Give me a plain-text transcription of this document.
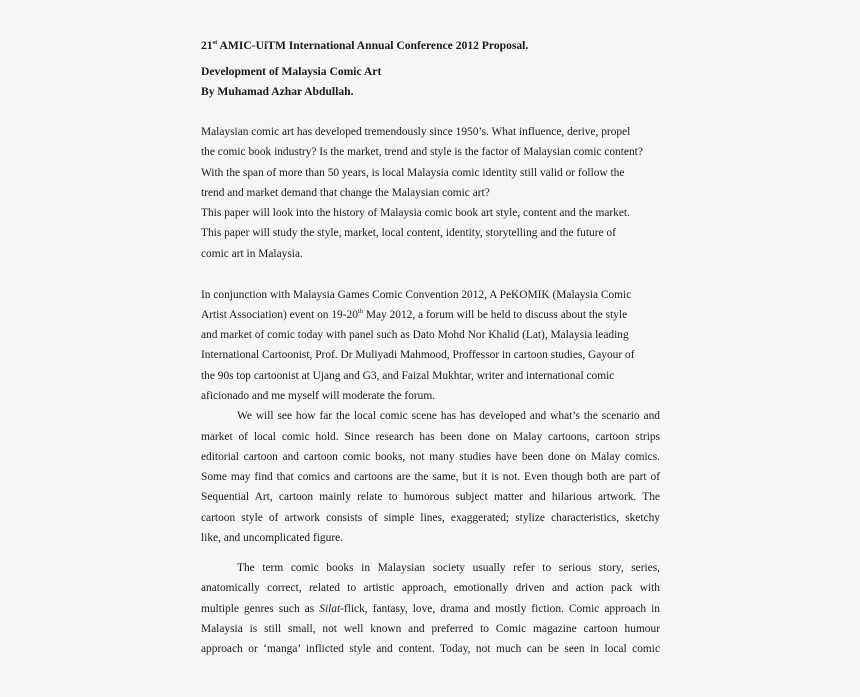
21st AMIC-UiTM International Annual Conference 2012 Proposal.
Development of Malaysia Comic Art
By Muhamad Azhar Abdullah.
Malaysian comic art has developed tremendously since 1950’s. What influence, derive, propel
the comic book industry? Is the market, trend and style is the factor of Malaysian comic content?
With the span of more than 50 years, is local Malaysia comic identity still valid or follow the
trend and market demand that change the Malaysian comic art?
This paper will look into the history of Malaysia comic book art style, content and the market.
This paper will study the style, market, local content, identity, storytelling and the future of
comic art in Malaysia.
In conjunction with Malaysia Games Comic Convention 2012, A PeKOMIK (Malaysia Comic
Artist Association) event on 19-20th May 2012, a forum will be held to discuss about the style
and market of comic today with panel such as Dato Mohd Nor Khalid (Lat), Malaysia leading
International Cartoonist, Prof. Dr Muliyadi Mahmood, Proffessor in cartoon studies, Gayour of
the 90s top cartoonist at Ujang and G3, and Faizal Mukhtar, writer and international comic
aficionado and me myself will moderate the forum.
We will see how far the local comic scene has has developed and what’s the scenario and
market of local comic hold. Since research has been done on Malay cartoons, cartoon strips
editorial cartoon and cartoon comic books, not many studies have been done on Malay comics.
Some may find that comics and cartoons are the same, but it is not. Even though both are part of
Sequential Art, cartoon mainly relate to humorous subject matter and hilarious artwork. The
cartoon style of artwork consists of simple lines, exaggerated; stylize characteristics, sketchy
like, and uncomplicated figure.
The term comic books in Malaysian society usually refer to serious story, series,
anatomically correct, related to artistic approach, emotionally driven and action pack with
multiple genres such as Silat-flick, fantasy, love, drama and mostly fiction. Comic approach in
Malaysia is still small, not well known and preferred to Comic magazine cartoon humour
approach or ‘manga’ inflicted style and content. Today, not much can be seen in local comic
